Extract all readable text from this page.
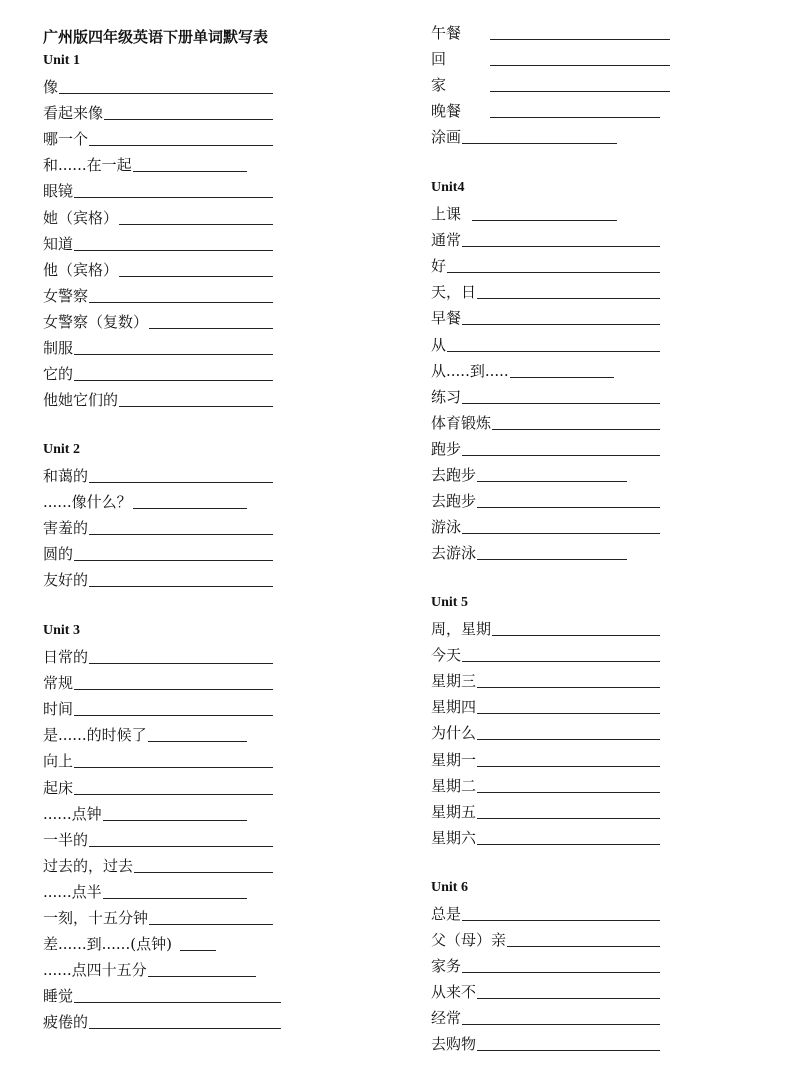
广州版四年级英语下册单词默写表
Unit 1
像
看起来像
哪一个
和......在一起
眼镜
她（宾格）
知道
他（宾格）
女警察
女警察（复数）
制服
它的
他她它们的
Unit 2
和蔼的
......像什么？
害羞的
圆的
友好的
Unit 3
日常的
常规
时间
是......的时候了
向上
起床
......点钟
一半的
过去的，过去
......点半
一刻，十五分钟
差......到......(点钟)
......点四十五分
睡觉
疲倦的
午餐
回
家
晚餐
涂画
Unit4
上课
通常
好
天，日
早餐
从
从.....到.....
练习
体育锻炼
跑步
去跑步
去跑步
游泳
去游泳
Unit 5
周，星期
今天
星期三
星期四
为什么
星期一
星期二
星期五
星期六
Unit 6
总是
父（母）亲
家务
从来不
经常
去购物
